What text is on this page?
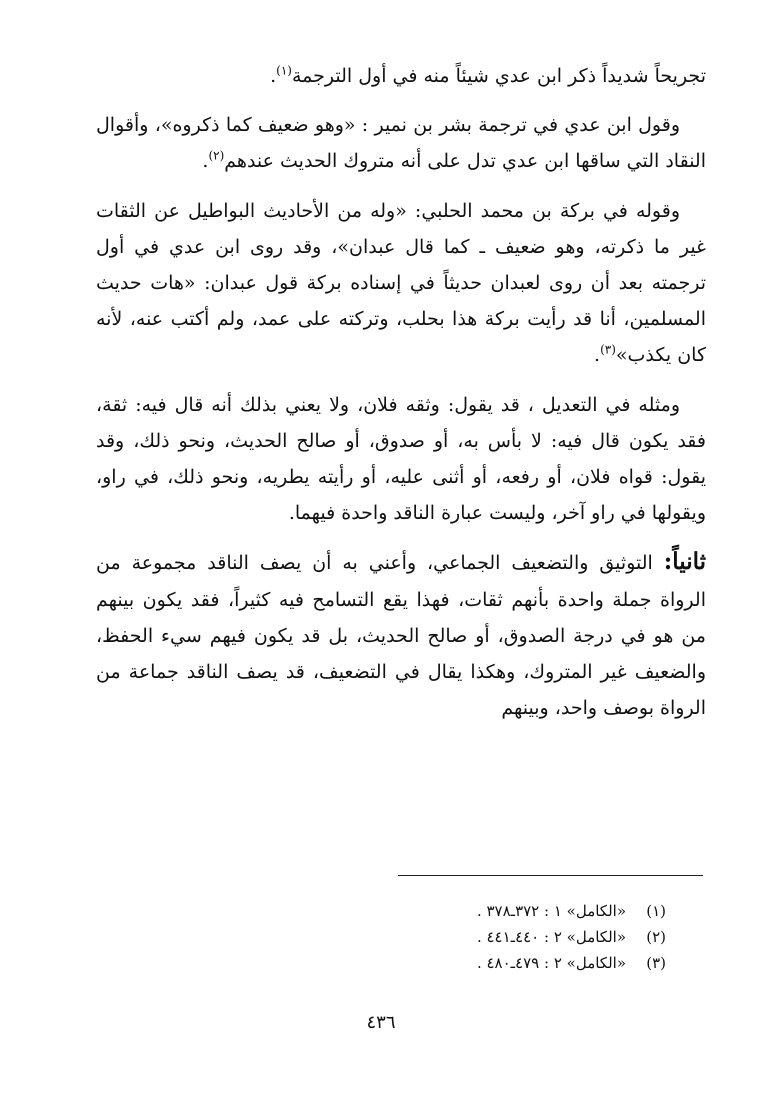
تجريحاً شديداً ذكر ابن عدي شيئاً منه في أول الترجمة$^{(١)}$.

وقول ابن عدي في ترجمة بشر بن نمير : «وهو ضعيف كما ذكروه»، وأقوال النقاد التي ساقها ابن عدي تدل على أنه متروك الحديث عندهم$^{(٢)}$.

وقوله في بركة بن محمد الحلبي: «وله من الأحاديث البواطيل عن الثقات غير ما ذكرته، وهو ضعيف ـ كما قال عبدان»، وقد روى ابن عدي في أول ترجمته بعد أن روى لعبدان حديثاً في إسناده بركة قول عبدان: «هات حديث المسلمين، أنا قد رأيت بركة هذا بحلب، وتركته على عمد، ولم أكتب عنه، لأنه كان يكذب»$^{(٣)}$.

ومثله في التعديل ، قد يقول: وثقه فلان، ولا يعني بذلك أنه قال فيه: ثقة، فقد يكون قال فيه: لا بأس به، أو صدوق، أو صالح الحديث، ونحو ذلك، وقد يقول: قواه فلان، أو رفعه، أو أثنى عليه، أو رأيته يطريه، ونحو ذلك، في راو، ويقولها في راو آخر، وليست عبارة الناقد واحدة فيهما.

ثانياً: التوثيق والتضعيف الجماعي، وأعني به أن يصف الناقد مجموعة من الرواة جملة واحدة بأنهم ثقات، فهذا يقع التسامح فيه كثيراً، فقد يكون بينهم من هو في درجة الصدوق، أو صالح الحديث، بل قد يكون فيهم سيء الحفظ، والضعيف غير المتروك، وهكذا يقال في التضعيف، قد يصف الناقد جماعة من الرواة بوصف واحد، وبينهم

(١)«الكامل» ١ : ٣٧٢ـ٣٧٨ .
(٢)«الكامل» ٢ : ٤٤٠ـ٤٤١ .
(٣)«الكامل» ٢ : ٤٧٩ـ٤٨٠ .
٤٣٦
